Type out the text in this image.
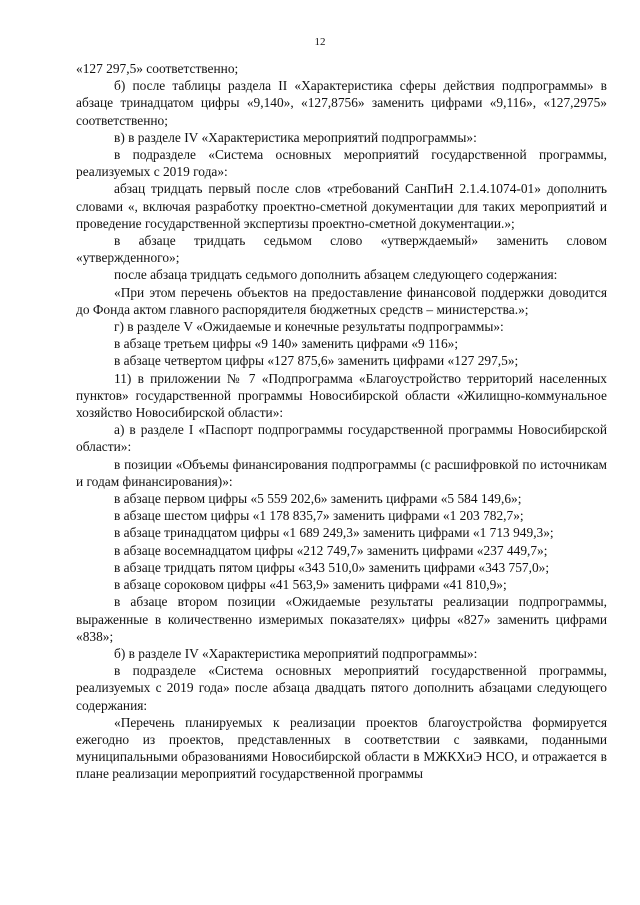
12

«127 297,5» соответственно;

б) после таблицы раздела II «Характеристика сферы действия подпрограммы» в абзаце тринадцатом цифры «9,140», «127,8756» заменить цифрами «9,116», «127,2975» соответственно;

в) в разделе IV «Характеристика мероприятий подпрограммы»:

в подразделе «Система основных мероприятий государственной программы, реализуемых с 2019 года»:

абзац тридцать первый после слов «требований СанПиН 2.1.4.1074-01» дополнить словами «, включая разработку проектно-сметной документации для таких мероприятий и проведение государственной экспертизы проектно-сметной документации.»;

в абзаце тридцать седьмом слово «утверждаемый» заменить словом «утвержденного»;

после абзаца тридцать седьмого дополнить абзацем следующего содержания:

«При этом перечень объектов на предоставление финансовой поддержки доводится до Фонда актом главного распорядителя бюджетных средств – министерства.»;

г) в разделе V «Ожидаемые и конечные результаты подпрограммы»:

в абзаце третьем цифры «9 140» заменить цифрами «9 116»;

в абзаце четвертом цифры «127 875,6» заменить цифрами «127 297,5»;

11) в приложении № 7 «Подпрограмма «Благоустройство территорий населенных пунктов» государственной программы Новосибирской области «Жилищно-коммунальное хозяйство Новосибирской области»:

а) в разделе I «Паспорт подпрограммы государственной программы Новосибирской области»:

в позиции «Объемы финансирования подпрограммы (с расшифровкой по источникам и годам финансирования)»:

в абзаце первом цифры «5 559 202,6» заменить цифрами «5 584 149,6»;

в абзаце шестом цифры «1 178 835,7» заменить цифрами «1 203 782,7»;

в абзаце тринадцатом цифры «1 689 249,3» заменить цифрами «1 713 949,3»;

в абзаце восемнадцатом цифры «212 749,7» заменить цифрами «237 449,7»;

в абзаце тридцать пятом цифры «343 510,0» заменить цифрами «343 757,0»;

в абзаце сороковом цифры «41 563,9» заменить цифрами «41 810,9»;

в абзаце втором позиции «Ожидаемые результаты реализации подпрограммы, выраженные в количественно измеримых показателях» цифры «827» заменить цифрами «838»;

б) в разделе IV «Характеристика мероприятий подпрограммы»:

в подразделе «Система основных мероприятий государственной программы, реализуемых с 2019 года» после абзаца двадцать пятого дополнить абзацами следующего содержания:

«Перечень планируемых к реализации проектов благоустройства формируется ежегодно из проектов, представленных в соответствии с заявками, поданными муниципальными образованиями Новосибирской области в МЖКХиЭ НСО, и отражается в плане реализации мероприятий государственной программы
